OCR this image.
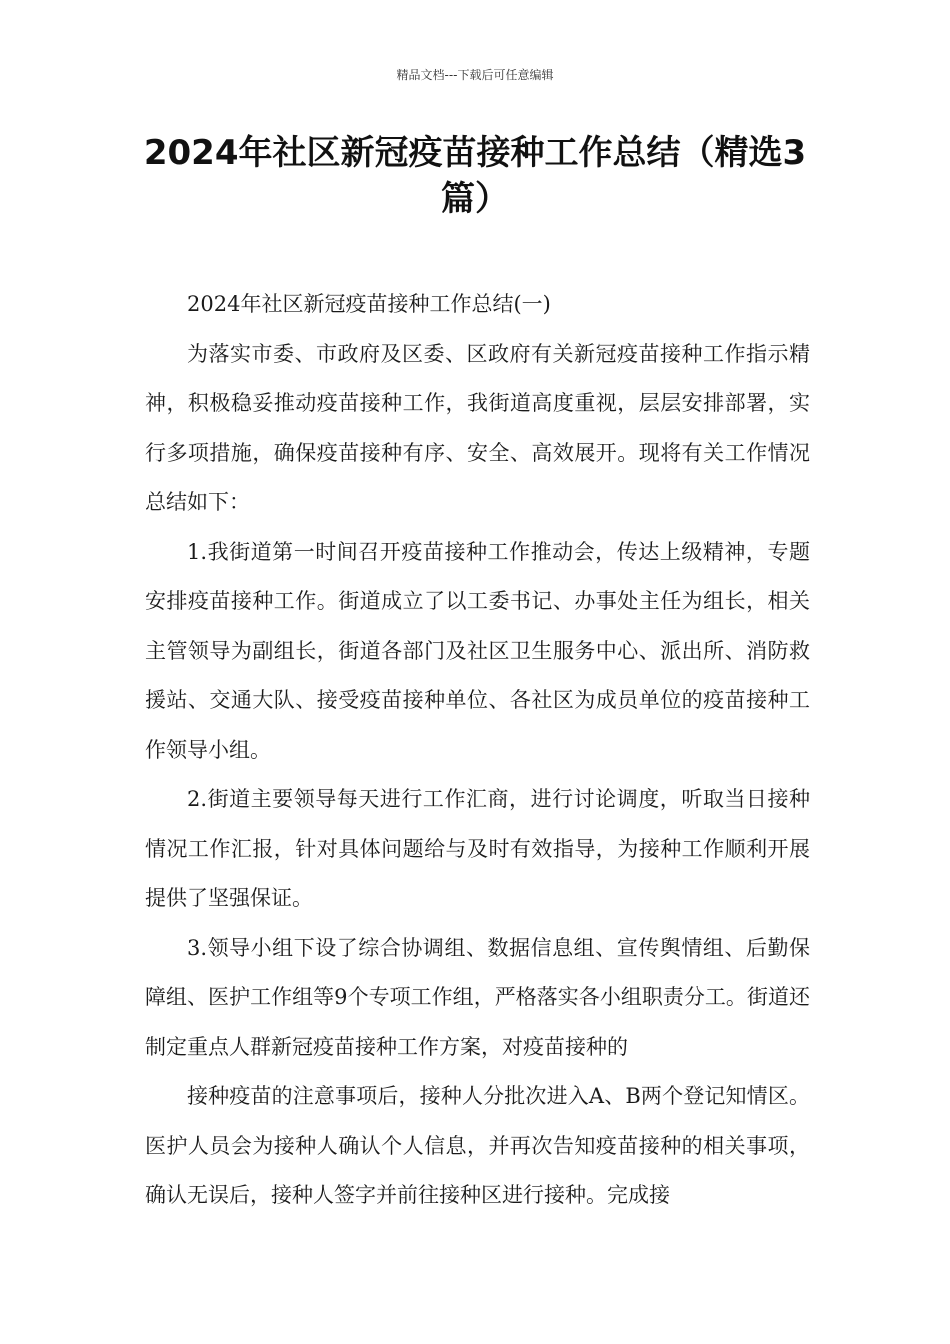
精品文档---下载后可任意编辑
2024年社区新冠疫苗接种工作总结（精选3篇）

2024年社区新冠疫苗接种工作总结(一)

为落实市委、市政府及区委、区政府有关新冠疫苗接种工作指示精神，积极稳妥推动疫苗接种工作，我街道高度重视，层层安排部署，实行多项措施，确保疫苗接种有序、安全、高效展开。现将有关工作情况总结如下：

1.我街道第一时间召开疫苗接种工作推动会，传达上级精神，专题安排疫苗接种工作。街道成立了以工委书记、办事处主任为组长，相关主管领导为副组长，街道各部门及社区卫生服务中心、派出所、消防救援站、交通大队、接受疫苗接种单位、各社区为成员单位的疫苗接种工作领导小组。

2.街道主要领导每天进行工作汇商，进行讨论调度，听取当日接种情况工作汇报，针对具体问题给与及时有效指导，为接种工作顺利开展提供了坚强保证。

3.领导小组下设了综合协调组、数据信息组、宣传舆情组、后勤保障组、医护工作组等9个专项工作组，严格落实各小组职责分工。街道还制定重点人群新冠疫苗接种工作方案，对疫苗接种的

接种疫苗的注意事项后，接种人分批次进入A、B两个登记知情区。医护人员会为接种人确认个人信息，并再次告知疫苗接种的相关事项，确认无误后，接种人签字并前往接种区进行接种。完成接
